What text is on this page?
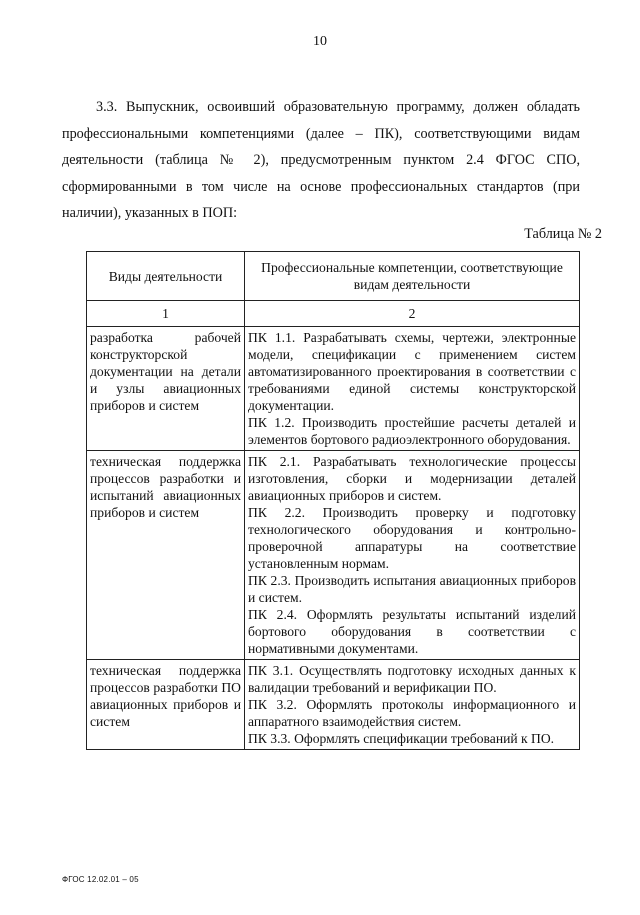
10

3.3. Выпускник, освоивший образовательную программу, должен обладать профессиональными компетенциями (далее – ПК), соответствующими видам деятельности (таблица № 2), предусмотренным пунктом 2.4 ФГОС СПО, сформированными в том числе на основе профессиональных стандартов (при наличии), указанных в ПОП:

Таблица № 2
Виды деятельности	Профессиональные компетенции, соответствующие видам деятельности
1	2
разработка рабочей конструкторской документации на детали и узлы авиационных приборов и систем	ПК 1.1. Разрабатывать схемы, чертежи, электронные модели, спецификации с применением систем автоматизированного проектирования в соответствии с требованиями единой системы конструкторской документации.

ПК 1.2. Производить простейшие расчеты деталей и элементов бортового радиоэлектронного оборудования.

техническая поддержка процессов разработки и испытаний авиационных приборов и систем	ПК 2.1. Разрабатывать технологические процессы изготовления, сборки и модернизации деталей авиационных приборов и систем.

ПК 2.2. Производить проверку и подготовку технологического оборудования и контрольно-проверочной аппаратуры на соответствие установленным нормам.

ПК 2.3. Производить испытания авиационных приборов и систем.

ПК 2.4. Оформлять результаты испытаний изделий бортового оборудования в соответствии с нормативными документами.

техническая поддержка процессов разработки ПО авиационных приборов и систем	ПК 3.1. Осуществлять подготовку исходных данных к валидации требований и верификации ПО.

ПК 3.2. Оформлять протоколы информационного и аппаратного взаимодействия систем.

ПК 3.3. Оформлять спецификации требований к ПО.

ФГОС 12.02.01 – 05
